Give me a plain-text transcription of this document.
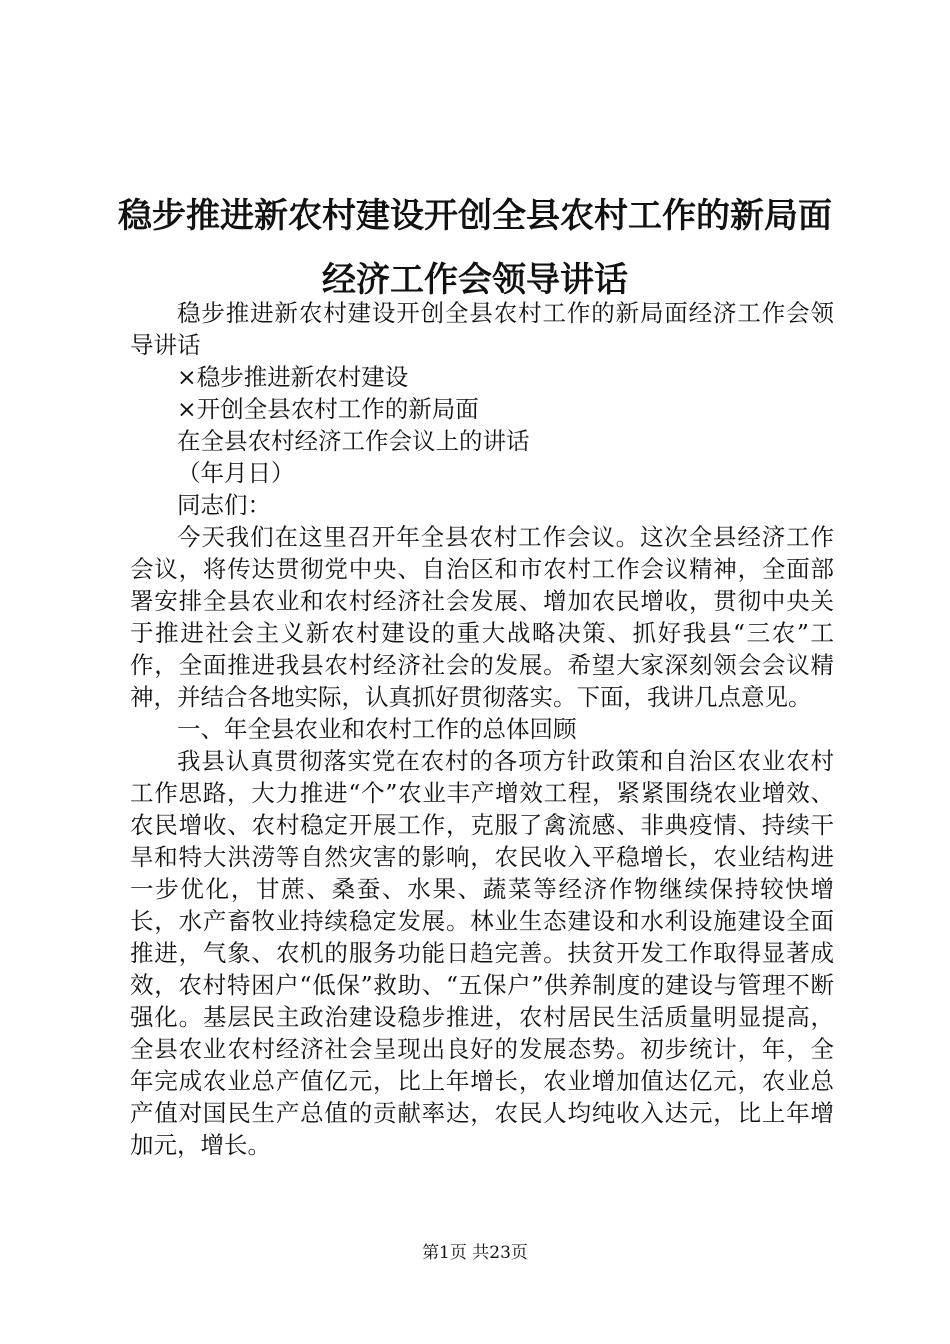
稳步推进新农村建设开创全县农村工作的新局面经济工作会领导讲话

稳步推进新农村建设开创全县农村工作的新局面经济工作会领导讲话

×稳步推进新农村建设

×开创全县农村工作的新局面

在全县农村经济工作会议上的讲话

（年月日）

同志们：

今天我们在这里召开年全县农村工作会议。这次全县经济工作会议，将传达贯彻党中央、自治区和市农村工作会议精神，全面部署安排全县农业和农村经济社会发展、增加农民增收，贯彻中央关于推进社会主义新农村建设的重大战略决策、抓好我县“三农”工作，全面推进我县农村经济社会的发展。希望大家深刻领会会议精神，并结合各地实际，认真抓好贯彻落实。下面，我讲几点意见。

一、年全县农业和农村工作的总体回顾

我县认真贯彻落实党在农村的各项方针政策和自治区农业农村工作思路，大力推进“个”农业丰产增效工程，紧紧围绕农业增效、农民增收、农村稳定开展工作，克服了禽流感、非典疫情、持续干旱和特大洪涝等自然灾害的影响，农民收入平稳增长，农业结构进一步优化，甘蔗、桑蚕、水果、蔬菜等经济作物继续保持较快增长，水产畜牧业持续稳定发展。林业生态建设和水利设施建设全面推进，气象、农机的服务功能日趋完善。扶贫开发工作取得显著成效，农村特困户“低保”救助、“五保户”供养制度的建设与管理不断强化。基层民主政治建设稳步推进，农村居民生活质量明显提高，全县农业农村经济社会呈现出良好的发展态势。初步统计，年，全年完成农业总产值亿元，比上年增长，农业增加值达亿元，农业总产值对国民生产总值的贡献率达，农民人均纯收入达元，比上年增加元，增长。

第1页 共23页
